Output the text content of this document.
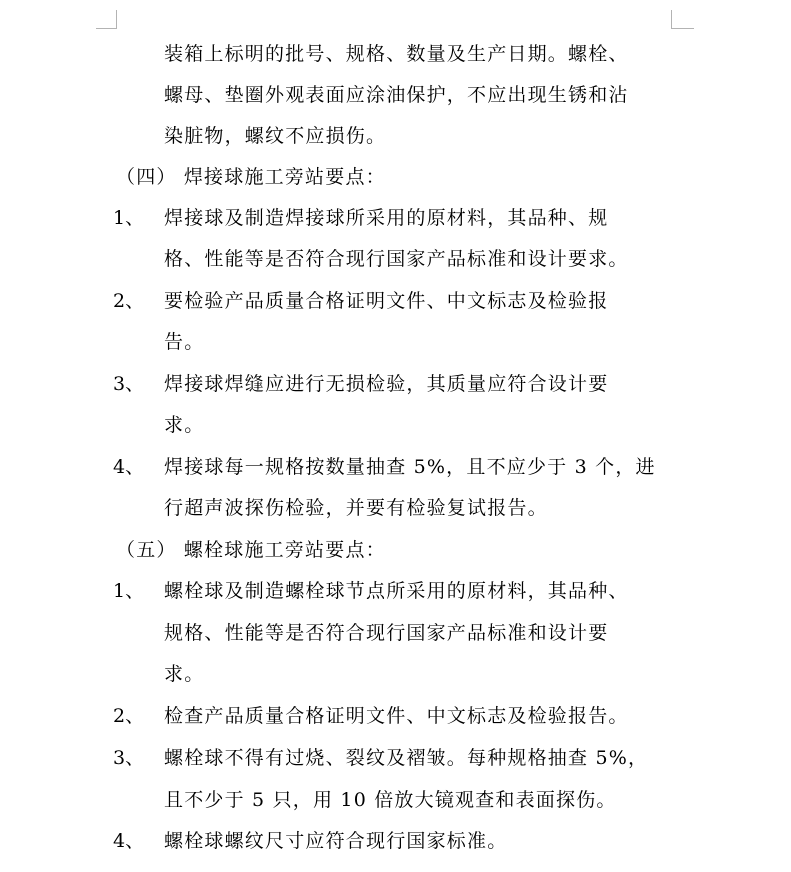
装箱上标明的批号、规格、数量及生产日期。螺栓、
螺母、垫圈外观表面应涂油保护，不应出现生锈和沾
染脏物，螺纹不应损伤。
（四） 焊接球施工旁站要点：
1、 焊接球及制造焊接球所采用的原材料，其品种、规
格、性能等是否符合现行国家产品标准和设计要求。
2、 要检验产品质量合格证明文件、中文标志及检验报
告。
3、 焊接球焊缝应进行无损检验，其质量应符合设计要
求。
4、 焊接球每一规格按数量抽查 5%，且不应少于 3 个，进
行超声波探伤检验，并要有检验复试报告。
（五） 螺栓球施工旁站要点：
1、 螺栓球及制造螺栓球节点所采用的原材料，其品种、
规格、性能等是否符合现行国家产品标准和设计要
求。
2、 检查产品质量合格证明文件、中文标志及检验报告。
3、 螺栓球不得有过烧、裂纹及褶皱。每种规格抽查 5%，
且不少于 5 只，用 10 倍放大镜观查和表面探伤。
4、 螺栓球螺纹尺寸应符合现行国家标准。
